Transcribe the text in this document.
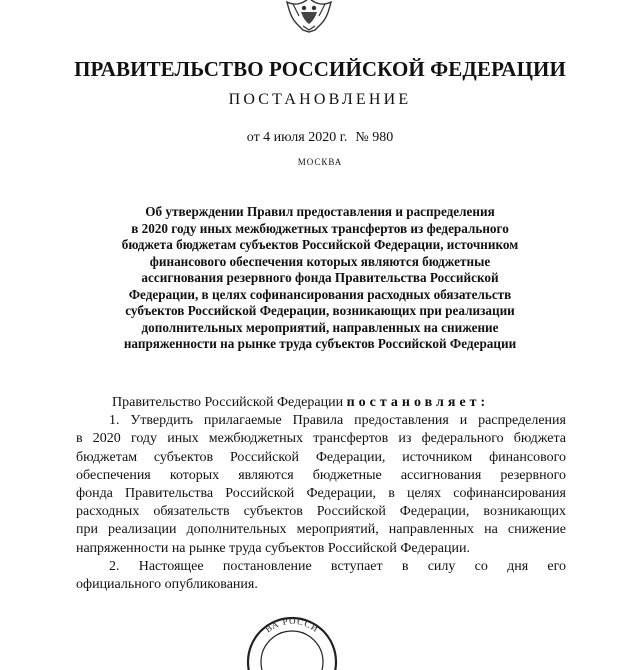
ПРАВИТЕЛЬСТВО РОССИЙСКОЙ ФЕДЕРАЦИИ
ПОСТАНОВЛЕНИЕ
от 4 июля 2020 г. № 980
МОСКВА
Об утверждении Правил предоставления и распределения
в 2020 году иных межбюджетных трансфертов из федерального
бюджета бюджетам субъектов Российской Федерации, источником
финансового обеспечения которых являются бюджетные
ассигнования резервного фонда Правительства Российской
Федерации, в целях софинансирования расходных обязательств
субъектов Российской Федерации, возникающих при реализации
дополнительных мероприятий, направленных на снижение
напряженности на рынке труда субъектов Российской Федерации
Правительство Российской Федерации постановляет:
1. Утвердить прилагаемые Правила предоставления и распределения
в 2020 году иных межбюджетных трансфертов из федерального бюджета
бюджетам субъектов Российской Федерации, источником финансового
обеспечения которых являются бюджетные ассигнования резервного
фонда Правительства Российской Федерации, в целях софинансирования
расходных обязательств субъектов Российской Федерации, возникающих
при реализации дополнительных мероприятий, направленных на снижение
напряженности на рынке труда субъектов Российской Федерации.
2. Настоящее постановление вступает в силу со дня его
официального опубликования.
ВА РОССИ
